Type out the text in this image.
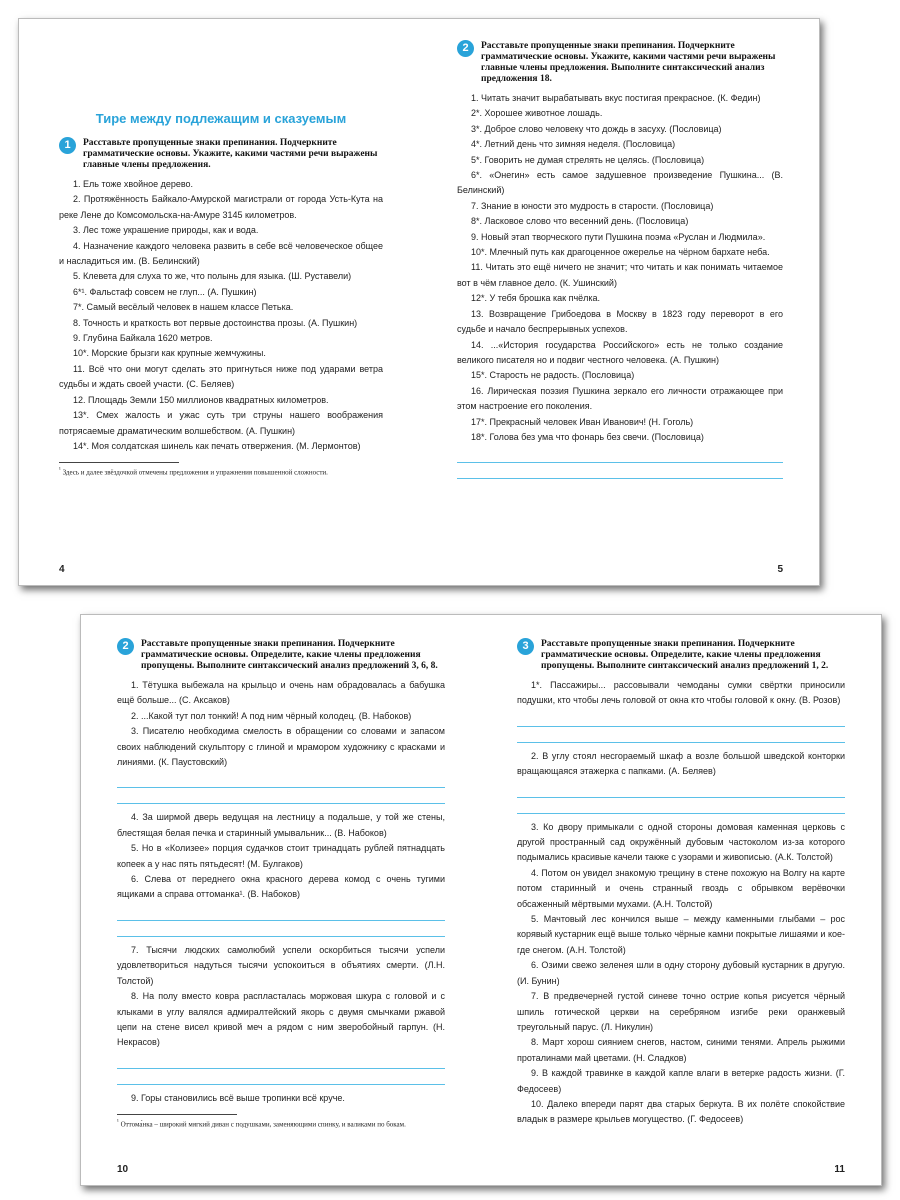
Тире между подлежащим и сказуемым
1	Расставьте пропущенные знаки препинания. Подчеркните грамматические основы. Укажите, какими частями речи выражены главные члены предложения.

1. Ель тоже хвойное дерево.

2. Протяжённость Байкало-Амурской магистрали от города Усть-Кута на реке Лене до Комсомольска-на-Амуре 3145 километров.

3. Лес тоже украшение природы, как и вода.

4. Назначение каждого человека развить в себе всё человеческое общее и насладиться им. (В. Белинский)

5. Клевета для слуха то же, что полынь для языка. (Ш. Руставели)

6*¹. Фальстаф совсем не глуп... (А. Пушкин)

7*. Самый весёлый человек в нашем классе Петька.

8. Точность и краткость вот первые достоинства прозы. (А. Пушкин)

9. Глубина Байкала 1620 метров.

10*. Морские брызги как крупные жемчужины.

11. Всё что они могут сделать это пригнуться ниже под ударами ветра судьбы и ждать своей участи. (С. Беляев)

12. Площадь Земли 150 миллионов квадратных километров.

13*. Смех жалость и ужас суть три струны нашего воображения потрясаемые драматическим волшебством. (А. Пушкин)

14*. Моя солдатская шинель как печать отвержения. (М. Лермонтов)

¹ Здесь и далее звёздочкой отмечены предложения и упражнения повышенной сложности.
4
2	Расставьте пропущенные знаки препинания. Подчеркните грамматические основы. Укажите, какими частями речи выражены главные члены предложения. Выполните синтаксический анализ предложения 18.

1. Читать значит вырабатывать вкус постигая прекрасное. (К. Федин)

2*. Хорошее животное лошадь.

3*. Доброе слово человеку что дождь в засуху. (Пословица)

4*. Летний день что зимняя неделя. (Пословица)

5*. Говорить не думая стрелять не целясь. (Пословица)

6*. «Онегин» есть самое задушевное произведение Пушкина... (В. Белинский)

7. Знание в юности это мудрость в старости. (Пословица)

8*. Ласковое слово что весенний день. (Пословица)

9. Новый этап творческого пути Пушкина поэма «Руслан и Людмила».

10*. Млечный путь как драгоценное ожерелье на чёрном бархате неба.

11. Читать это ещё ничего не значит; что читать и как понимать читаемое вот в чём главное дело. (К. Ушинский)

12*. У тебя брошка как пчёлка.

13. Возвращение Грибоедова в Москву в 1823 году переворот в его судьбе и начало беспрерывных успехов.

14. ...«История государства Российского» есть не только создание великого писателя но и подвиг честного человека. (А. Пушкин)

15*. Старость не радость. (Пословица)

16. Лирическая поэзия Пушкина зеркало его личности отражающее при этом настроение его поколения.

17*. Прекрасный человек Иван Иванович! (Н. Гоголь)

18*. Голова без ума что фонарь без свечи. (Пословица)

5
2	Расставьте пропущенные знаки препинания. Подчеркните грамматические основы. Определите, какие члены предложения пропущены. Выполните синтаксический анализ предложений 3, 6, 8.

1. Тётушка выбежала на крыльцо и очень нам обрадовалась а бабушка ещё больше... (С. Аксаков)

2. ...Какой тут пол тонкий! А под ним чёрный колодец. (В. Набоков)

3. Писателю необходима смелость в обращении со словами и запасом своих наблюдений скульптору с глиной и мрамором художнику с красками и линиями. (К. Паустовский)

4. За ширмой дверь ведущая на лестницу а подальше, у той же стены, блестящая белая печка и старинный умывальник... (В. Набоков)

5. Но в «Колизее» порция судачков стоит тринадцать рублей пятнадцать копеек а у нас пять пятьдесят! (М. Булгаков)

6. Слева от переднего окна красного дерева комод с очень тугими ящиками а справа оттоманка¹. (В. Набоков)

7. Тысячи людских самолюбий успели оскорбиться тысячи успели удовлетвориться надуться тысячи успокоиться в объятиях смерти. (Л.Н. Толстой)

8. На полу вместо ковра распласталась моржовая шкура с головой и с клыками в углу валялся адмиралтейский якорь с двумя смычками ржавой цепи на стене висел кривой меч а рядом с ним зверобойный гарпун. (Н. Некрасов)

9. Горы становились всё выше тропинки всё круче.

¹ Оттома́нка – широкий мягкий диван с подушками, заменяющими спинку, и валиками по бокам.
10
3	Расставьте пропущенные знаки препинания. Подчеркните грамматические основы. Определите, какие члены предложения пропущены. Выполните синтаксический анализ предложений 1, 2.

1*. Пассажиры... рассовывали чемоданы сумки свёртки приносили подушки, кто чтобы лечь головой от окна кто чтобы головой к окну. (В. Розов)

2. В углу стоял несгораемый шкаф а возле большой шведской конторки вращающаяся этажерка с папками. (А. Беляев)

3. Ко двору примыкали с одной стороны домовая каменная церковь с другой пространный сад окружённый дубовым частоколом из-за которого подымались красивые качели также с узорами и живописью. (А.К. Толстой)

4. Потом он увидел знакомую трещину в стене похожую на Волгу на карте потом старинный и очень странный гвоздь с обрывком верёвочки обсаженный мёртвыми мухами. (А.Н. Толстой)

5. Мачтовый лес кончился выше – между каменными глыбами – рос корявый кустарник ещё выше только чёрные камни покрытые лишаями и кое-где снегом. (А.Н. Толстой)

6. Озими свежо зеленея шли в одну сторону дубовый кустарник в другую. (И. Бунин)

7. В предвечерней густой синеве точно острие копья рисуется чёрный шпиль готической церкви на серебряном изгибе реки оранжевый треугольный парус. (Л. Никулин)

8. Март хорош сиянием снегов, настом, синими тенями. Апрель рыжими проталинами май цветами. (Н. Сладков)

9. В каждой травинке в каждой капле влаги в ветерке радость жизни. (Г. Федосеев)

10. Далеко впереди парят два старых беркута. В их полёте спокойствие владык в размере крыльев могущество. (Г. Федосеев)

11
